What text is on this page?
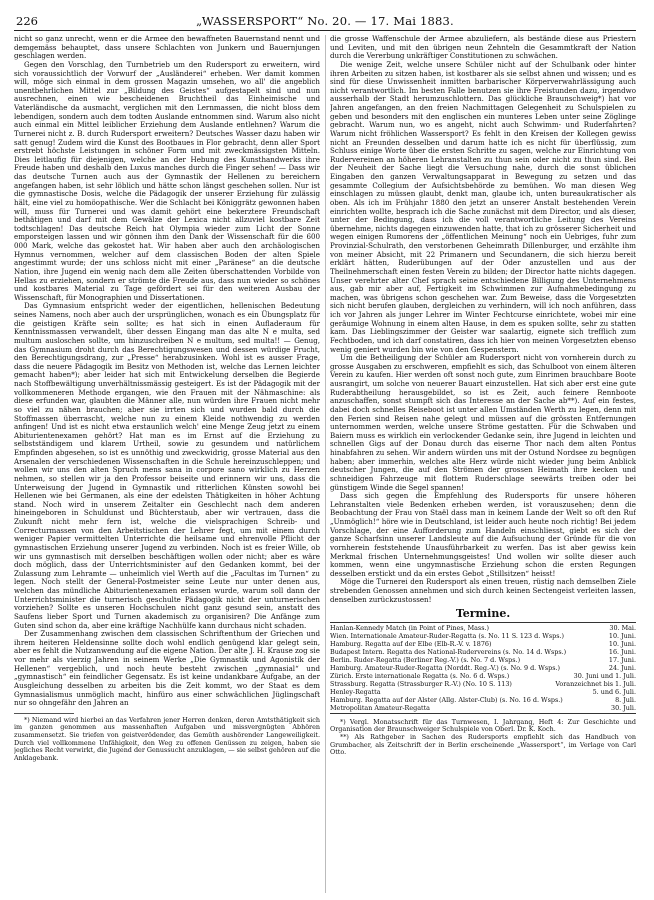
226	„WASSERSPORT“ No. 20. — 17. Mai 1883.

nicht so ganz unrecht, wenn er die Armee den bewaffneten Bauernstand nennt und demgemäss behauptet, dass unsere Schlachten von Junkern und Bauernjungen geschlagen werden.

Gegen den Vorschlag, den Turnbetrieb um den Rudersport zu erweitern, wird sich voraussichtlich der Vorwurf der „Ausländerei“ erheben. Wer damit kommen will, möge sich einmal in dem grossen Magazin umsehen, wo all' die angeblich unentbehrlichen Mittel zur „Bildung des Geistes“ aufgestapelt sind und nun ausrechnen, einen wie bescheidenen Bruchtheil das Einheimische und Vaterländische da ausmacht, verglichen mit den Lernmassen, die nicht bloss dem lebendigen, sondern auch dem todten Auslande entnommen sind. Warum also nicht auch einmal ein Mittel leiblicher Erziehung dem Auslande entlehnen? Warum die Turnerei nicht z. B. durch Rudersport erweitern? Deutsches Wasser dazu haben wir satt genug! Zudem wird die Kunst des Bootbaues in Flor gebracht, denn aller Sport erstrebt höchste Leistungen in schöner Form und mit zweckmässigsten Mitteln. Dies leitlaufig für diejenigen, welche an der Hebung des Kunsthandwerks ihre Freude haben und deshalb den Luxus manches durch die Finger sehen! — Dass wir das deutsche Turnen auch aus der Gymnastik der Hellenen zu bereichern angefangen haben, ist sehr löblich und hätte schon längst geschehen sollen. Nur ist die gymnastische Dosis, welche die Pädagogik der unserer Erziehung für zulässig hält, eine viel zu homöopathische. Wer die Schlacht bei Königgrätz gewonnen haben will, muss für Turnerei und was damit gehört eine bekerztere Freundschaft bethätigen und darf mit dem Gewälze der Lexica nicht allzuviel kostbare Zeit todtschlagen! Das deutsche Reich hat Olympia wieder zum Licht der Sonne emporsteigen lassen und wir gönnen ihm den Dank der Wissenschaft für die 600 000 Mark, welche das gekostet hat. Wir haben aber auch den archäologischen Hymnus vernommen, welcher auf dem classischen Boden der alten Spiele angestimmt wurde; der uns schloss nicht mit einer „Paränese“ an die deutsche Nation, ihre Jugend ein wenig nach dem alle Zeiten überschattenden Vorbilde von Hellas zu erziehen, sondern er strömte die Freude aus, dass nun wieder so schönes und kostbares Material zu Tage gefördert sei für den weiteren Ausbau der Wissenschaft, für Monographien und Dissertationen.

Das Gymnasium entspricht weder der eigentlichen, hellenischen Bedeutung seines Namens, noch aber auch der ursprünglichen, wonach es ein Übungsplatz für die geistigen Kräfte sein sollte; es hat sich in einen Aufladeraum für Kenntnissmassen verwandelt, über dessen Eingang man das alte N e multa, sed multum ausloschen sollte, um hinzuschreiben N e multum, sed multa!! — Genug, das Gymnasium droht durch das Berechtigungswesen und dessen würdige Frucht, den Berechtigungsdrang, zur „Presse“ herabzusinken. Wohl ist es ausser Frage, dass die neuere Pädagogik im Besitz von Methoden ist, welche das Lernen leichter gemacht haben*); aber leider hat sich mit Entwickelung derselben die Begierde nach Stoffbewältigung unverhältnissmässig gesteigert. Es ist der Pädagogik mit der vollkommeneren Methode ergangen, wie den Frauen mit der Nähmaschine: als diese erfunden war, glaubten die Männer alle, nun würden ihre Frauen nicht mehr so viel zu nähen brauchen; aber sie irrten sich und wurden bald durch die Stoffmassen überrascht, welche nun zu einem Kleide nothwendig zu werden anfingen! Und ist es nicht etwa erstaunlich welch' eine Menge Zeug jetzt zu einem Abiturientenexamen gehört? Hat man es im Ernst auf die Erziehung zu selbstständigem und klarem Urtheil, sowie zu gesundem und natürlichem Empfinden abgesehen, so ist es unnöthig und zweckwidrig, grosse Material aus den Arsenalen der verschiedenen Wissenschaften in die Schule hereinzuschleppen; und wollen wir uns den alten Spruch mens sana in corpore sano wirklich zu Herzen nehmen, so stellen wir ja den Professor beiseite und erinnern wir uns, dass die Unterweisung der Jugend in Gymnastik und ritterlichen Künsten sowohl bei Hellenen wie bei Germanen, als eine der edelsten Thätigkeiten in höher Achtung stand. Noch wird in unserem Zeitalter ein Geschlecht nach dem anderen hineingeboren in Schuldunst und Büchterstaub, aber wir vertrauen, dass die Zukunft nicht mehr fern ist, welche die vielsprachigen Schreib- und Correcturmassen von den Arbeitstischen der Lehrer fegt, um mit einem durch weniger Papier vermittelten Unterrichte die heilsame und ehrenvolle Pflicht der gymnastischen Erziehung unserer Jugend zu verbinden. Noch ist es freier Wille, ob wir uns gymnastisch mit derselben beschäftigen wollen oder nicht; aber es wäre doch möglich, dass der Unterrichtsminister auf den Gedanken kommt, bei der Zulassung zum Lehramte — unheimlich viel Werth auf die „Facultas im Turnen“ zu legen. Noch stellt der General-Postmeister seine Leute nur unter denen aus, welchen das mündliche Abiturientenexamen erlassen wurde, warum soll dann der Unterrichtsminister die turnerisch geschulte Pädagogik nicht der unturnerischen vorziehen? Sollte es unseren Hochschulen nicht ganz gesund sein, anstatt des Saufens lieber Sport und Turnen akademisch zu organisiren? Die Anfänge zum Guten sind schon da, aber eine kräftige Nachhülfe kann durchaus nicht schaden.

Der Zusammenhang zwischen dem classischen Schriftenthum der Griechen und ihrem heiteren Heldensinne sollte doch wohl endlich genügend klar gelegt sein, aber es fehlt die Nutzanwendung auf die eigene Nation. Der alte J. H. Krause zog sie vor mehr als vierzig Jahren in seinem Werke „Die Gymnastik und Agonistik der Hellenen“ vergeblich, und noch heute besteht zwischen „gymnasial“ und „gymnastisch“ ein feindlicher Gegensatz. Es ist keine undankbare Aufgabe, an der Ausgleichung desselben zu arbeiten bis die Zeit kommt, wo der Staat es dem Gymnasialismus unmöglich macht, hinfüro aus einer schwächlichen Jüglingschaft nur so ohngefähr den Jahren an

*) Niemand wird hierbei an das Verfahren jener Herren denken, deren Amtsthätigkeit sich im ganzen genommen aus massenhaften Aufgaben und missvergnügten Abhören zusammensetzt. Sie triefen von geistverödender, das Gemüth aushörender Langeweiligkeit. Durch viel vollkommene Unfähigkeit, den Weg zu offenen Genüssen zu zeigen, haben sie jegliches Recht verwirkt, die Jugend der Genussucht anzuklagen, — sie selbst gehören auf die Anklagebank.

die grosse Waffenschule der Armee abzuliefern, als bestände diese aus Priestern und Leviten, und mit den übrigen neun Zehnteln die Gesammtkraft der Nation durch die Vererbung unkräftiger Constitutionen zu schwächen.

Die wenige Zeit, welche unsere Schüler nicht auf der Schulbank oder hinter ihren Arbeiten zu sitzen haben, ist kostbarer als sie selbst ahnen und wissen; und es sind für diese Unwissenheit inmitten barbarischer Körperverwahrlässigung auch nicht verantwortlich. Im besten Falle benutzen sie ihre Freistunden dazu, irgendwo ausserhalb der Stadt herumzuschlottern. Das glückliche Braunschweig*) hat vor Jahren angefangen, an den freien Nachmittagen Gelegenheit zu Schulspielen zu geben und besonders mit den englischen ein munteres Leben unter seine Zöglinge gebracht. Warum nun, wo es angeht, nicht auch Schwimm- und Ruderfahrten? Warum nicht fröhlichen Wassersport? Es fehlt in den Kreisen der Kollegen gewiss nicht an Freunden desselben und darum hatte ich es nicht für überflüssig, zum Schluss einige Worte über die ersten Schritte zu sagen, welche zur Einrichtung von Rudervereinen an höheren Lehranstalten zu thun sein oder nicht zu thun sind. Bei der Neuheit der Sache liegt die Versuchung nahe, durch die sonst üblichen Eingaben den ganzen Verwaltungsapparat in Bewegung zu setzen und das gesammte Collegium der Aufsichtsbehörde zu bemühen. Wo man diesen Weg einschlagen zu müssen glaubt, denkt man, glaube ich, unten bureaukratischer als oben. Als ich im Frühjahr 1880 den jetzt an unserer Anstalt bestehenden Verein einrichten wollte, besprach ich die Sache zunächst mit dem Director, und als dieser, unter der Bedingung, dass ich die voll verantwortliche Leitung des Vereins übernehme, nichts dagegen einzuwenden hatte, that ich zu grösserer Sicherheit und wegen einigen Rumorens der „öffentlichen Meinung“ noch ein Uebriges, fuhr zum Provinzial-Schulrath, den verstorbenen Geheimrath Dillenburger, und erzählte ihm von meiner Absicht, mit 22 Primanern und Secundanern, die sich hierzu bereit erklärt hätten, Ruderübungen auf der Oder anzustellen und aus der Theilnehmerschaft einen festen Verein zu bilden; der Director hatte nichts dagegen. Unser verehrter alter Chef sprach seine entschiedene Billigung des Unternehmens aus, gab mir aber auf, Fertigkeit im Schwimmen zur Aufnahmebedingung zu machen, was übrigens schon geschehen war. Zum Beweise, dass die Vorgesetzten sich nicht berufen glauben, dergleichen zu verhindern, will ich noch anführen, dass ich vor Jahren als junger Lehrer im Winter Fechtcurse einrichtete, wobei mir eine geräumige Wohnung in einem alten Hause, in dem es spuken sollte, sehr zu statten kam. Das Lieblingszimmer der Geister war saalartig, eignete sich trefflich zum Fechtboden, und ich darf constatiren, dass ich hier von meinen Vorgesetzten ebenso wenig geniert wurden bin wie von den Gespenstern.

Um die Betheiligung der Schüler am Rudersport nicht von vornherein durch zu grosse Ausgaben zu erschweren, empfiehlt es sich, das Schulboot von einem älteren Verein zu kaufen. Hier werden oft sonst noch gute, zum Einrimen brauchbare Boote ausrangirt, um solche von neuerer Bauart einzustellen. Hat sich aber erst eine gute Ruderabtheilung herausgebildet, so ist es Zeit, auch feinere Rennboote anzuschaffen, sonst stumpft sich das Interesse an der Sache ab**). Auf ein festes, dabei doch schnelles Reiseboot ist unter allen Umständen Werth zu legen, denn mit den Ferien sind Reisen nahe gelegt und müssen auf die grössten Entfernungen unternommen werden, welche unsere Ströme gestatten. Für die Schwaben und Baiern muss es wirklich ein verlockender Gedanke sein, ihre Jugend in leichten und schnellen Gigs auf der Donau durch das eiserne Thor nach dem alten Pontus hinabfahren zu sehen. Wir andern würden uns mit der Ostund Nordsee zu begnügen haben; aber immerhin, welches alte Herz würde nicht wieder jung beim Anblick deutscher Jungen, die auf den Strömen der grossen Heimath ihre kecken und schneidigen Fahrzeuge mit flottem Ruderschlage seewärts treiben oder bei günstigem Winde die Segel spannen!

Dass sich gegen die Empfehlung des Rudersports für unsere höheren Lehranstalten viele Bedenken erheben werden, ist vorauszusehen; denn die Beobachtung der Frau von Staël dass man in keinem Lande der Welt so oft den Ruf „Unmöglich!“ höre wie in Deutschland, ist leider auch heute noch richtig! Bei jedem Vorschlage, der eine Aufforderung zum Handeln einschliesst, giebt es sich der ganze Scharfsinn unserer Landsleute auf die Aufsuchung der Gründe für die von vornherein feststehende Unausführbarkeit zu werfen. Das ist aber gewiss kein Merkmal frischen Unternehmungsgeistes! Und wollen wir sollte dieser auch kommen, wenn eine ungymnastische Erziehung schon die ersten Regungen desselben erstickt und da ein erstes Gebot „Stillsitzen“ heisst!

Möge die Turnerei den Rudersport als einen treuen, rüstig nach demselben Ziele strebenden Genossen annehmen und sich durch keinen Sectengeist verleiten lassen, denselben zurückzustossen!

Termine.
Hanlan-Kennedy Match (in Point of Pines, Mass.)	30. Mai.
Wien. Internationale Amateur-Ruder-Regatta (s. No. 11 S. 123 d. Wsps.)	10. Juni.
Hamburg. Regatta auf der Elbe (Elb-R.-V. v. 1876)	10. Juni.
Budapest Intern. Regatta des National-Rudervereins (s. No. 14 d. Wsps.)	16. Juni.
Berlin. Ruder-Regatta (Berliner Reg.-V.) (s. No. 7 d. Wsps.)	17. Juni.
Hamburg. Amateur-Ruder-Regatta (Norddt. Reg.-V.) (s. No. 9 d. Wsps.)	24. Juni.
Zürich. Erste internationale Regatta (s. No. 6 d. Wsps.)	30. Juni und 1. Juli.
Strassburg. Regatta (Strassburger R.-V.) (No. 10 S. 113)	Voranzeichnet bis 1. Juli.
Henley-Regatta	5. und 6. Juli.
Hamburg. Regatta auf der Alster (Allg. Alster-Club) (s. No. 16 d. Wsps.)	8. Juli.
Metropolitan Amateur-Regatta	30. Juli.

*) Vergl. Monatsschrift für das Turnwesen, I. Jahrgang, Heft 4: Zur Geschichte und Organisation der Braunschweiger Schulspiele von Oberl. Dr. K. Koch.

**) Als Rathgeber in Sachen des Rudersports empfiehlt sich das Handbuch von Grumbacher, als Zeitschrift der in Berlin erscheinende „Wassersport“, im Verlage von Carl Otto.
